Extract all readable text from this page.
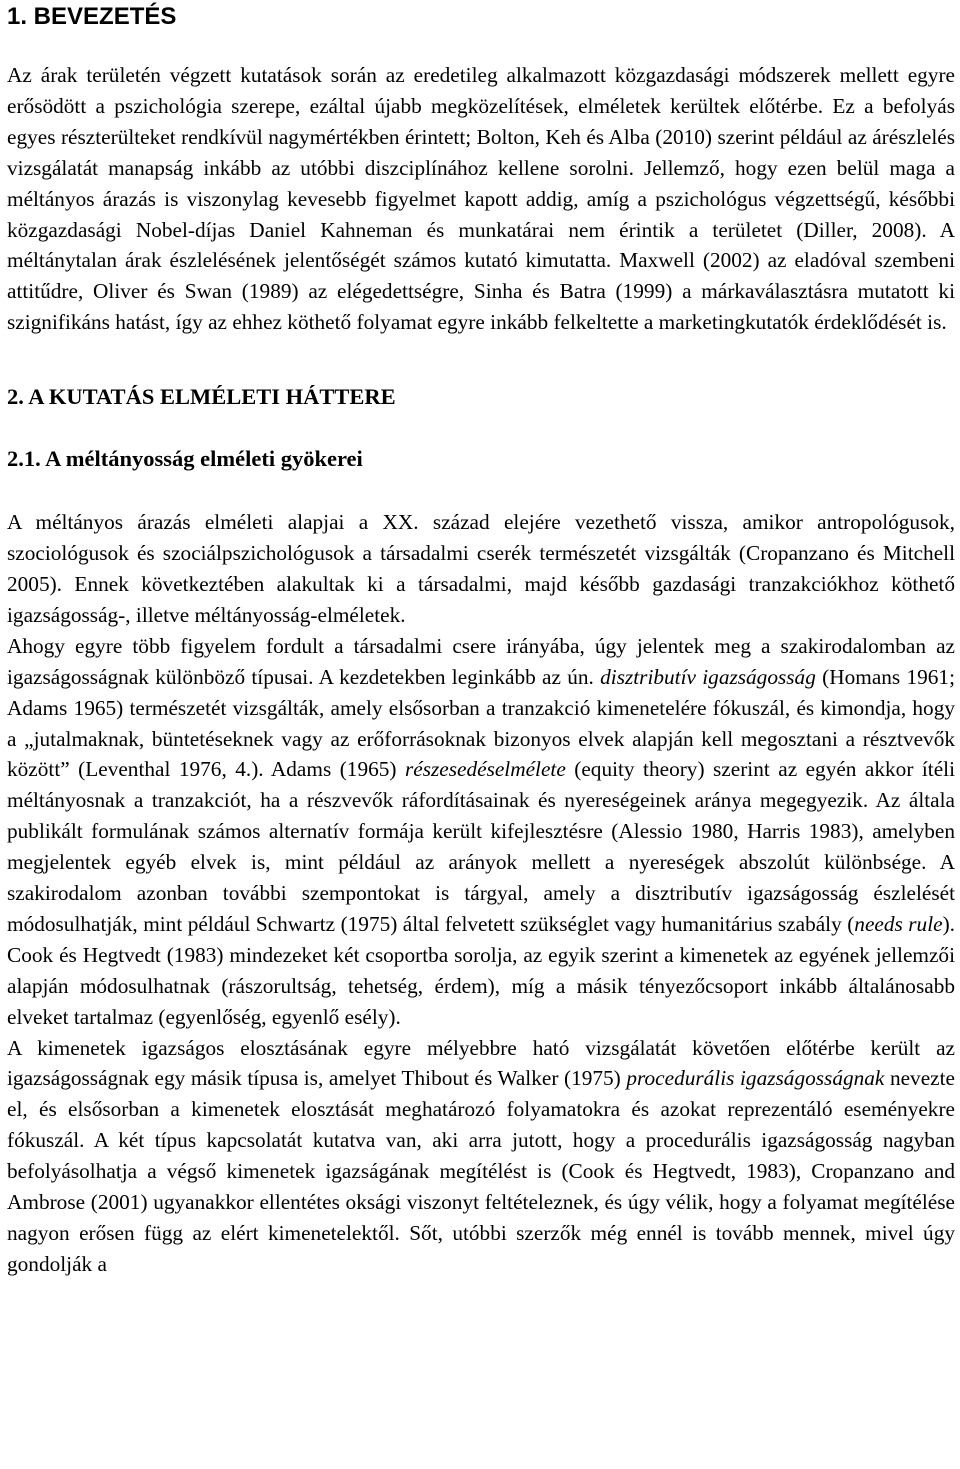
1. BEVEZETÉS

Az árak területén végzett kutatások során az eredetileg alkalmazott közgazdasági módszerek mellett egyre erősödött a pszichológia szerepe, ezáltal újabb megközelítések, elméletek kerültek előtérbe. Ez a befolyás egyes részterülteket rendkívül nagymértékben érintett; Bolton, Keh és Alba (2010) szerint például az árészlelés vizsgálatát manapság inkább az utóbbi diszciplínához kellene sorolni. Jellemző, hogy ezen belül maga a méltányos árazás is viszonylag kevesebb figyelmet kapott addig, amíg a pszichológus végzettségű, későbbi közgazdasági Nobel-díjas Daniel Kahneman és munkatárai nem érintik a területet (Diller, 2008). A méltánytalan árak észlelésének jelentőségét számos kutató kimutatta. Maxwell (2002) az eladóval szembeni attitűdre, Oliver és Swan (1989) az elégedettségre, Sinha és Batra (1999) a márkaválasztásra mutatott ki szignifikáns hatást, így az ehhez köthető folyamat egyre inkább felkeltette a marketingkutatók érdeklődését is.

2. A KUTATÁS ELMÉLETI HÁTTERE
2.1. A méltányosság elméleti gyökerei

A méltányos árazás elméleti alapjai a XX. század elejére vezethető vissza, amikor antropológusok, szociológusok és szociálpszichológusok a társadalmi cserék természetét vizsgálták (Cropanzano és Mitchell 2005). Ennek következtében alakultak ki a társadalmi, majd később gazdasági tranzakciókhoz köthető igazságosság-, illetve méltányosság-elméletek.

Ahogy egyre több figyelem fordult a társadalmi csere irányába, úgy jelentek meg a szakirodalomban az igazságosságnak különböző típusai. A kezdetekben leginkább az ún. disztributív igazságosság (Homans 1961; Adams 1965) természetét vizsgálták, amely elsősorban a tranzakció kimenetelére fókuszál, és kimondja, hogy a „jutalmaknak, büntetéseknek vagy az erőforrásoknak bizonyos elvek alapján kell megosztani a résztvevők között” (Leventhal 1976, 4.). Adams (1965) részesedéselmélete (equity theory) szerint az egyén akkor ítéli méltányosnak a tranzakciót, ha a részvevők ráfordításainak és nyereségeinek aránya megegyezik. Az általa publikált formulának számos alternatív formája került kifejlesztésre (Alessio 1980, Harris 1983), amelyben megjelentek egyéb elvek is, mint például az arányok mellett a nyereségek abszolút különbsége. A szakirodalom azonban további szempontokat is tárgyal, amely a disztributív igazságosság észlelését módosulhatják, mint például Schwartz (1975) által felvetett szükséglet vagy humanitárius szabály (needs rule). Cook és Hegtvedt (1983) mindezeket két csoportba sorolja, az egyik szerint a kimenetek az egyének jellemzői alapján módosulhatnak (rászorultság, tehetség, érdem), míg a másik tényezőcsoport inkább általánosabb elveket tartalmaz (egyenlőség, egyenlő esély).

A kimenetek igazságos elosztásának egyre mélyebbre ható vizsgálatát követően előtérbe került az igazságosságnak egy másik típusa is, amelyet Thibout és Walker (1975) procedurális igazságosságnak nevezte el, és elsősorban a kimenetek elosztását meghatározó folyamatokra és azokat reprezentáló eseményekre fókuszál. A két típus kapcsolatát kutatva van, aki arra jutott, hogy a procedurális igazságosság nagyban befolyásolhatja a végső kimenetek igazságának megítélést is (Cook és Hegtvedt, 1983), Cropanzano and Ambrose (2001) ugyanakkor ellentétes oksági viszonyt feltételeznek, és úgy vélik, hogy a folyamat megítélése nagyon erősen függ az elért kimenetelektől. Sőt, utóbbi szerzők még ennél is tovább mennek, mivel úgy gondolják a
